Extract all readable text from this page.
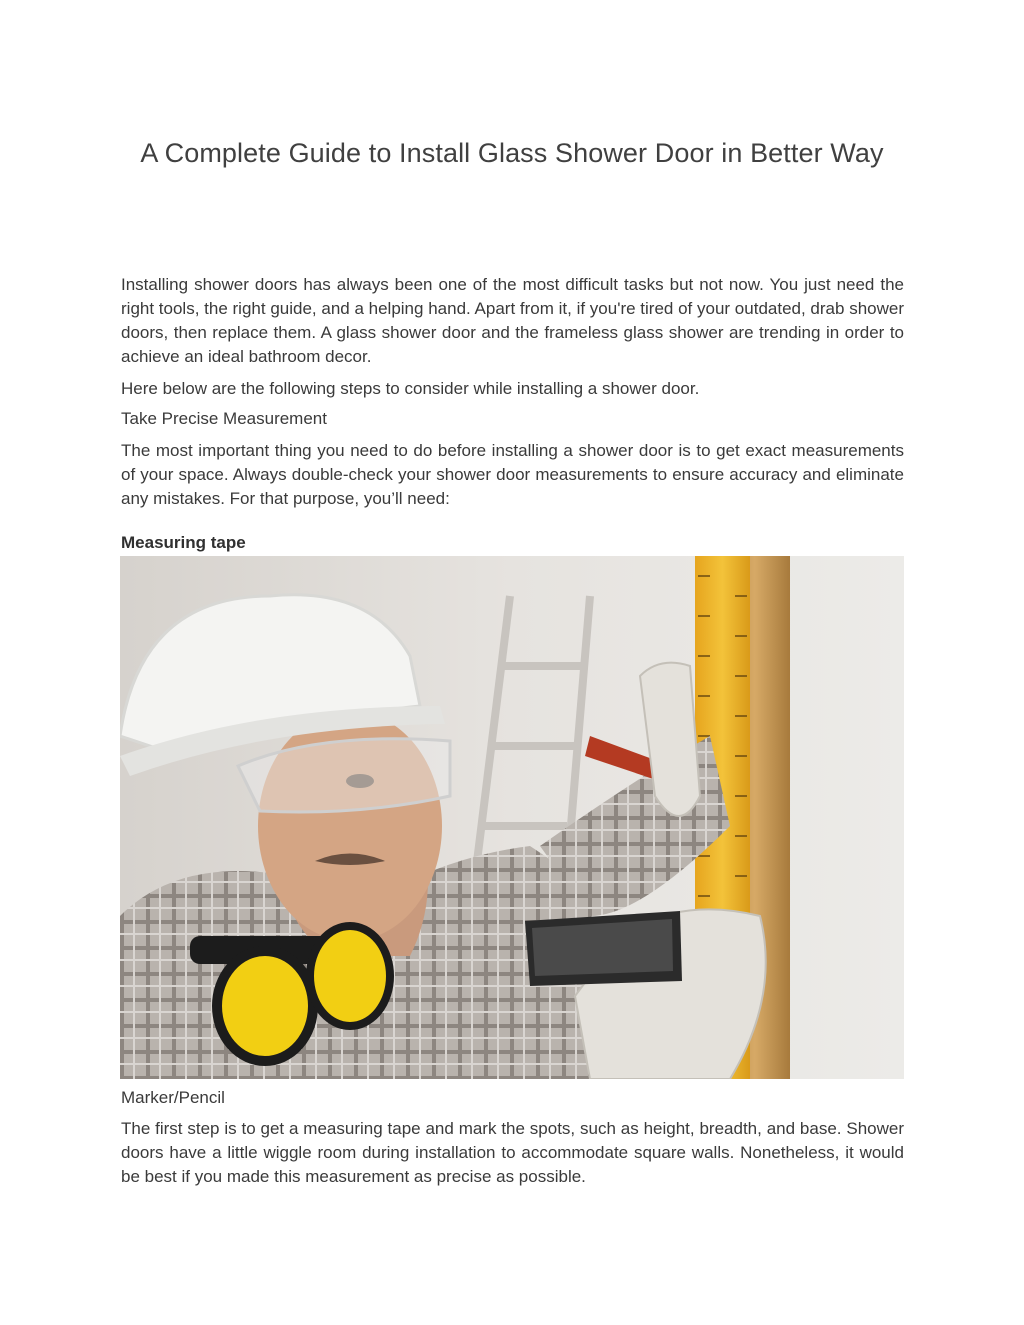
A Complete Guide to Install Glass Shower Door in Better Way
Installing shower doors has always been one of the most difficult tasks but not now. You just need the right tools, the right guide, and a helping hand. Apart from it, if you're tired of your outdated, drab shower doors, then replace them. A glass shower door and the frameless glass shower are trending in order to achieve an ideal bathroom decor.
Here below are the following steps to consider while installing a shower door.
Take Precise Measurement
The most important thing you need to do before installing a shower door is to get exact measurements of your space. Always double-check your shower door measurements to ensure accuracy and eliminate any mistakes. For that purpose, you’ll need:
Measuring tape
Marker/Pencil
The first step is to get a measuring tape and mark the spots, such as height, breadth, and base. Shower doors have a little wiggle room during installation to accommodate square walls. Nonetheless, it would be best if you made this measurement as precise as possible.
